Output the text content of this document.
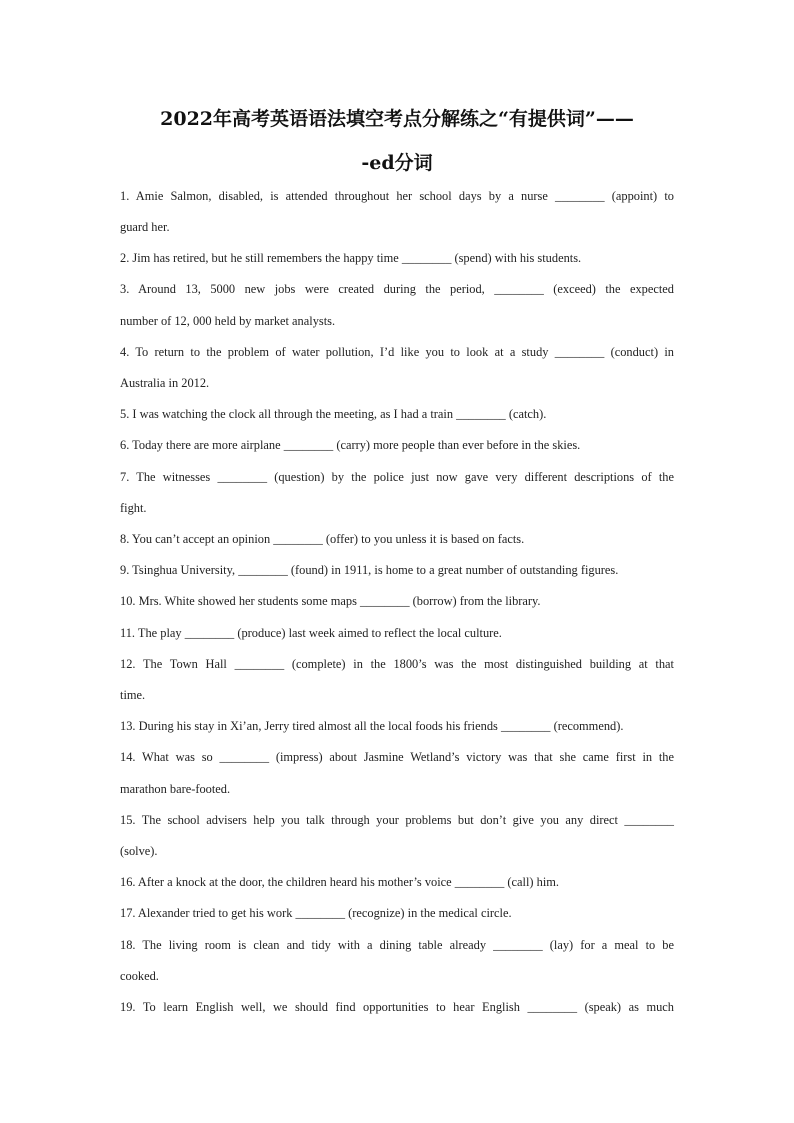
2022年高考英语语法填空考点分解练之“有提供词”——
-ed分词
1. Amie Salmon, disabled, is attended throughout her school days by a nurse ________ (appoint) to
guard her.
2. Jim has retired, but he still remembers the happy time ________ (spend) with his students.
3. Around 13, 5000 new jobs were created during the period, ________ (exceed) the expected
number of 12, 000 held by market analysts.
4. To return to the problem of water pollution, I’d like you to look at a study ________ (conduct) in
Australia in 2012.
5. I was watching the clock all through the meeting, as I had a train ________ (catch).
6. Today there are more airplane ________ (carry) more people than ever before in the skies.
7. The witnesses ________ (question) by the police just now gave very different descriptions of the
fight.
8. You can’t accept an opinion ________ (offer) to you unless it is based on facts.
9. Tsinghua University, ________ (found) in 1911, is home to a great number of outstanding figures.
10. Mrs. White showed her students some maps ________ (borrow) from the library.
11. The play ________ (produce) last week aimed to reflect the local culture.
12. The Town Hall ________ (complete) in the 1800’s was the most distinguished building at that
time.
13. During his stay in Xi’an, Jerry tired almost all the local foods his friends ________ (recommend).
14. What was so ________ (impress) about Jasmine Wetland’s victory was that she came first in the
marathon bare-footed.
15. The school advisers help you talk through your problems but don’t give you any direct ________
(solve).
16. After a knock at the door, the children heard his mother’s voice ________ (call) him.
17. Alexander tried to get his work ________ (recognize) in the medical circle.
18. The living room is clean and tidy with a dining table already ________ (lay) for a meal to be
cooked.
19. To learn English well, we should find opportunities to hear English ________ (speak) as much
